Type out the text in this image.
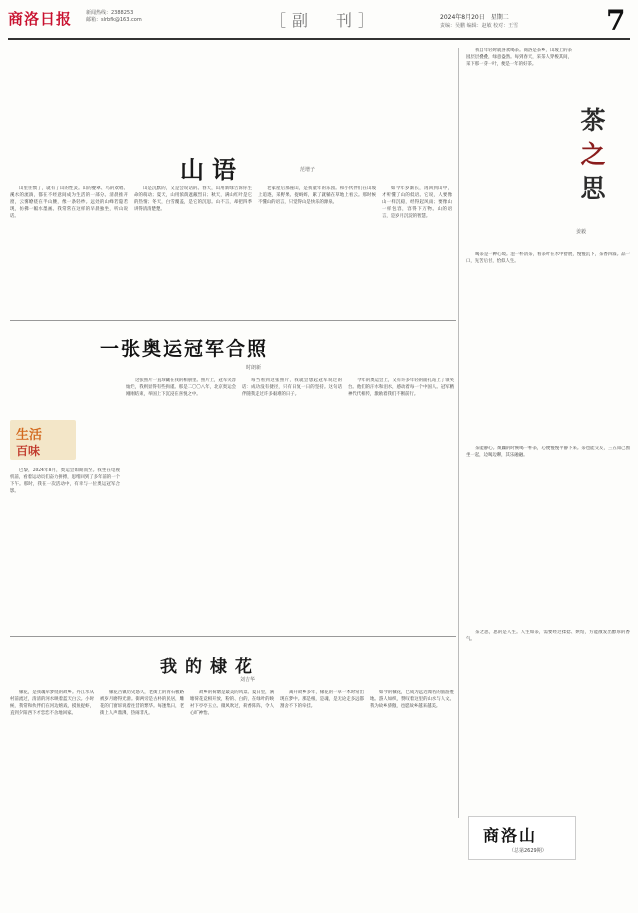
商洛日报	新闻热线：2388253
邮箱：slrbfk@163.com	［副　刊］	2024年8月20日　星期二
责编：吴鹏 编辑：赵敏 校对：王雪	7
山语	范增子

山里住惯了，就有了山的性灵。山的叠翠、鸟的欢唱、溪水的流淌，都在不经意间成为生活的一部分。清晨推开窗，云雾缭绕在半山腰，像一条轻纱。远处的山峰若隐若现，仿佛一幅水墨画。我常常在这样的早晨独坐，听山说话。

山是沉默的，又是会说话的。春天，山用新绿告诉你生命的萌动；夏天，山用浓荫遮蔽烈日；秋天，满山红叶是它的热情；冬天，白雪覆盖，是它的沉思。山不言，却把四季讲得清清楚楚。

老家屋后那座山，是我童年的乐园。和小伙伴们在山坡上追逐，采野果、捉蚂蚱，累了就躺在草地上看云。那时候不懂山的语言，只觉得山是快乐的源泉。

如今年岁渐长，再回到山中，才听懂了山的低语。它说，人要像山一样沉稳，经得起风雨；要像山一样包容，容得下万物。山的语言，是岁月沉淀的智慧。

一张奥运冠军合照
时朗新
生活
百味

巴黎，2024年8月，奥运会如期而至。我坐在电视机前，看着运动员们奋力拼搏，思绪回到了多年前的一个下午。那时，我在一次活动中，有幸与一位奥运冠军合影。

这张照片一直珍藏在我的相册里。照片上，冠军笑容灿烂，我则显得有些拘谨。那是二〇〇八年，北京奥运会刚刚结束，举国上下沉浸在喜悦之中。

每当看到这张照片，我就会想起冠军说过的话：成功没有捷径，只有日复一日的坚持。这句话伴随我走过许多艰难的日子。

今年的奥运会上，又有许多年轻的面孔站上了领奖台。他们的汗水和泪水，感动着每一个中国人。冠军精神代代相传，激励着我们不断前行。

我的棣花
刘吉华

棣花，是我魂牵梦绕的故乡。丹江水从村前流过，清清的河水映着蓝天白云。小时候，我常和伙伴们在河边嬉戏，摸鱼捉虾，直到夕阳西下才恋恋不舍地回家。

棣花古镇历史悠久，老街上的青石板路被岁月磨得光滑。街两旁是古朴的民居，雕花的门窗诉说着往昔的繁华。每逢集日，老街上人声鼎沸，热闹非凡。

故乡的荷塘是最美的风景。夏日里，满塘荷花竞相开放，粉的、白的，在绿叶的映衬下亭亭玉立。微风吹过，荷香阵阵，令人心旷神怡。

离开故乡多年，棣花的一草一木时常出现在梦中。那是根，是魂，是无论走多远都割舍不下的牵挂。

如今的棣花，已成为远近闻名的旅游胜地。游人如织，赞叹着这里的山水与人文。我为故乡骄傲，也愿故乡越来越美。

茶
之
思
姜毅

我自年轻时就喜欢喝茶。商洛是茶乡，山坡上的茶园层层叠叠，绿意盎然。每到春天，采茶人穿梭其间，采下那一芽一叶，便是一年的好茶。

喝茶是一种心境。泡一杯清茶，看茶叶在水中舒展，慢慢沉下，茶香四溢。品一口，先苦后甘，恰似人生。

茶能静心。烦躁的时候喝一杯茶，心便慢慢平静下来。茶也能交友，三五知己围坐一起，边喝边聊，其乐融融。

茶之思，思的是人生。人生如茶，需要经过揉捻、烘焙，方能散发出醇厚的香气。

商洛山
（总第2629期）
